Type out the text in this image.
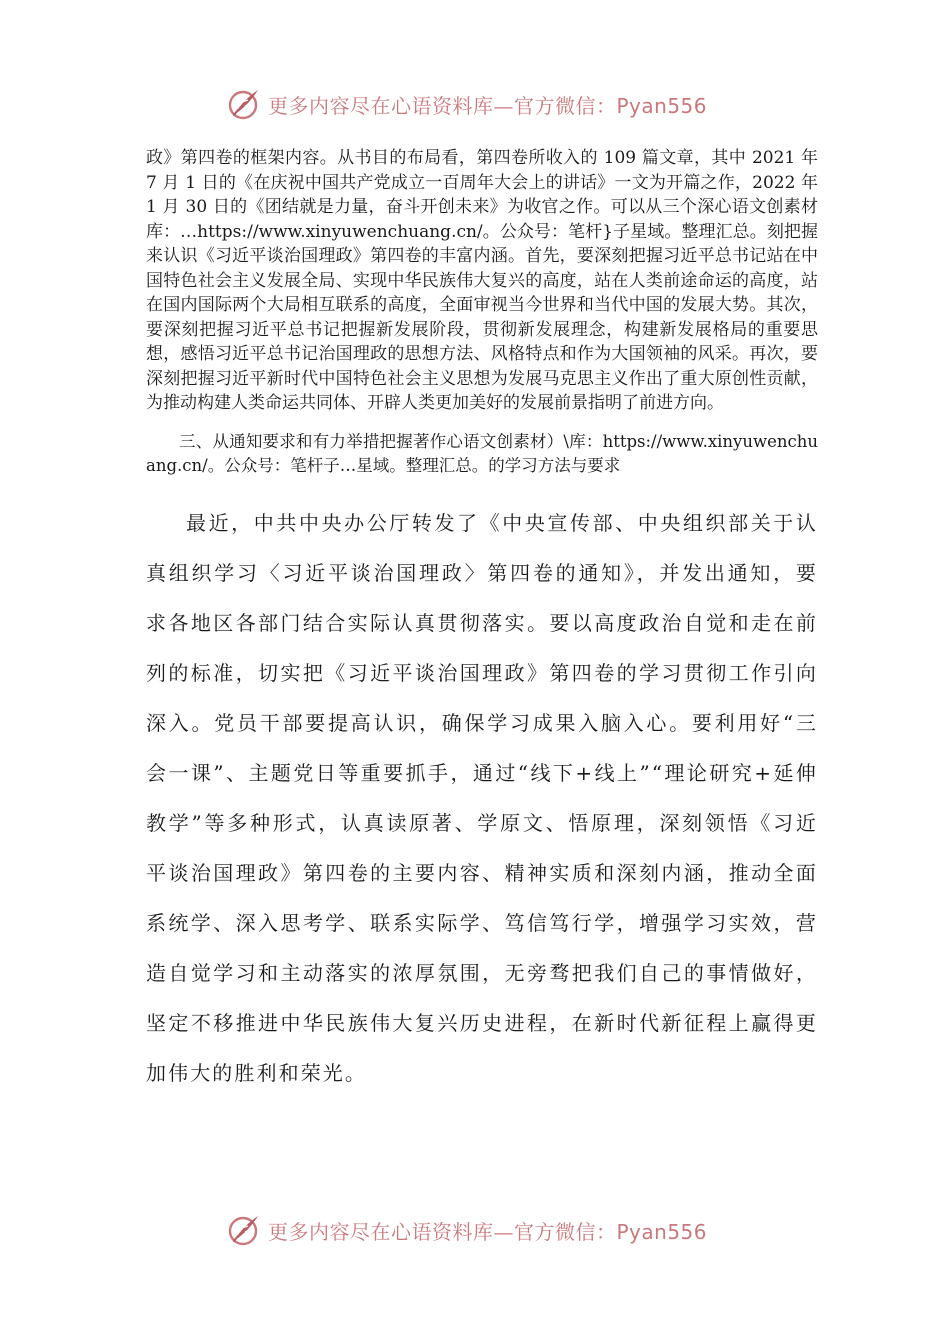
更多内容尽在心语资料库—官方微信：Pyan556

政》第四卷的框架内容。从书目的布局看，第四卷所收入的 109 篇文章，其中 2021 年 7 月 1 日的《在庆祝中国共产党成立一百周年大会上的讲话》一文为开篇之作，2022 年 1 月 30 日的《团结就是力量，奋斗开创未来》为收官之作。可以从三个深心语文创素材库：…https://www.xinyuwenchuang.cn/。公众号：笔杆}子星域。整理汇总。刻把握来认识《习近平谈治国理政》第四卷的丰富内涵。首先，要深刻把握习近平总书记站在中国特色社会主义发展全局、实现中华民族伟大复兴的高度，站在人类前途命运的高度，站在国内国际两个大局相互联系的高度，全面审视当今世界和当代中国的发展大势。其次，要深刻把握习近平总书记把握新发展阶段，贯彻新发展理念，构建新发展格局的重要思想，感悟习近平总书记治国理政的思想方法、风格特点和作为大国领袖的风采。再次，要深刻把握习近平新时代中国特色社会主义思想为发展马克思主义作出了重大原创性贡献，为推动构建人类命运共同体、开辟人类更加美好的发展前景指明了前进方向。

三、从通知要求和有力举措把握著作心语文创素材）\库：https://www.xinyuwenchuang.cn/。公众号：笔杆子…星域。整理汇总。的学习方法与要求

最近，中共中央办公厅转发了《中央宣传部、中央组织部关于认真组织学习〈习近平谈治国理政〉第四卷的通知》，并发出通知，要求各地区各部门结合实际认真贯彻落实。要以高度政治自觉和走在前列的标准，切实把《习近平谈治国理政》第四卷的学习贯彻工作引向深入。党员干部要提高认识，确保学习成果入脑入心。要利用好“三会一课”、主题党日等重要抓手，通过“线下+线上”“理论研究+延伸教学”等多种形式，认真读原著、学原文、悟原理，深刻领悟《习近平谈治国理政》第四卷的主要内容、精神实质和深刻内涵，推动全面系统学、深入思考学、联系实际学、笃信笃行学，增强学习实效，营造自觉学习和主动落实的浓厚氛围，无旁骛把我们自己的事情做好，坚定不移推进中华民族伟大复兴历史进程，在新时代新征程上赢得更加伟大的胜利和荣光。

更多内容尽在心语资料库—官方微信：Pyan556
